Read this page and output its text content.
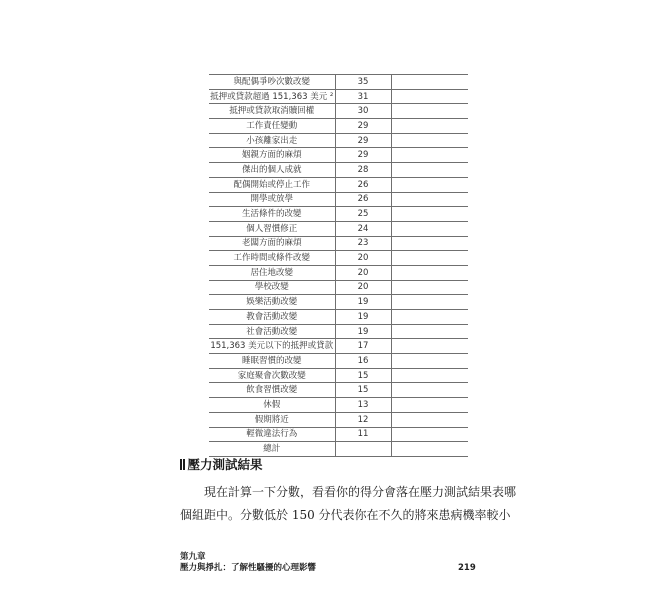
與配偶爭吵次數改變	35	
抵押或貸款超過 151,363 美元 ²	31	
抵押或貸款取消贖回權	30	
工作責任變動	29	
小孩離家出走	29	
姻親方面的麻煩	29	
傑出的個人成就	28	
配偶開始或停止工作	26	
開學或放學	26	
生活條件的改變	25	
個人習慣修正	24	
老闆方面的麻煩	23	
工作時間或條件改變	20	
居住地改變	20	
學校改變	20	
娛樂活動改變	19	
教會活動改變	19	
社會活動改變	19	
151,363 美元以下的抵押或貸款	17	
睡眠習慣的改變	16	
家庭聚會次數改變	15	
飲食習慣改變	15	
休假	13	
假期將近	12	
輕微違法行為	11	
總計		
壓力測試結果

現在計算一下分數，看看你的得分會落在壓力測試結果表哪

個組距中。分數低於 150 分代表你在不久的將來患病機率較小

第九章
壓力與掙扎：了解性騷擾的心理影響	219
